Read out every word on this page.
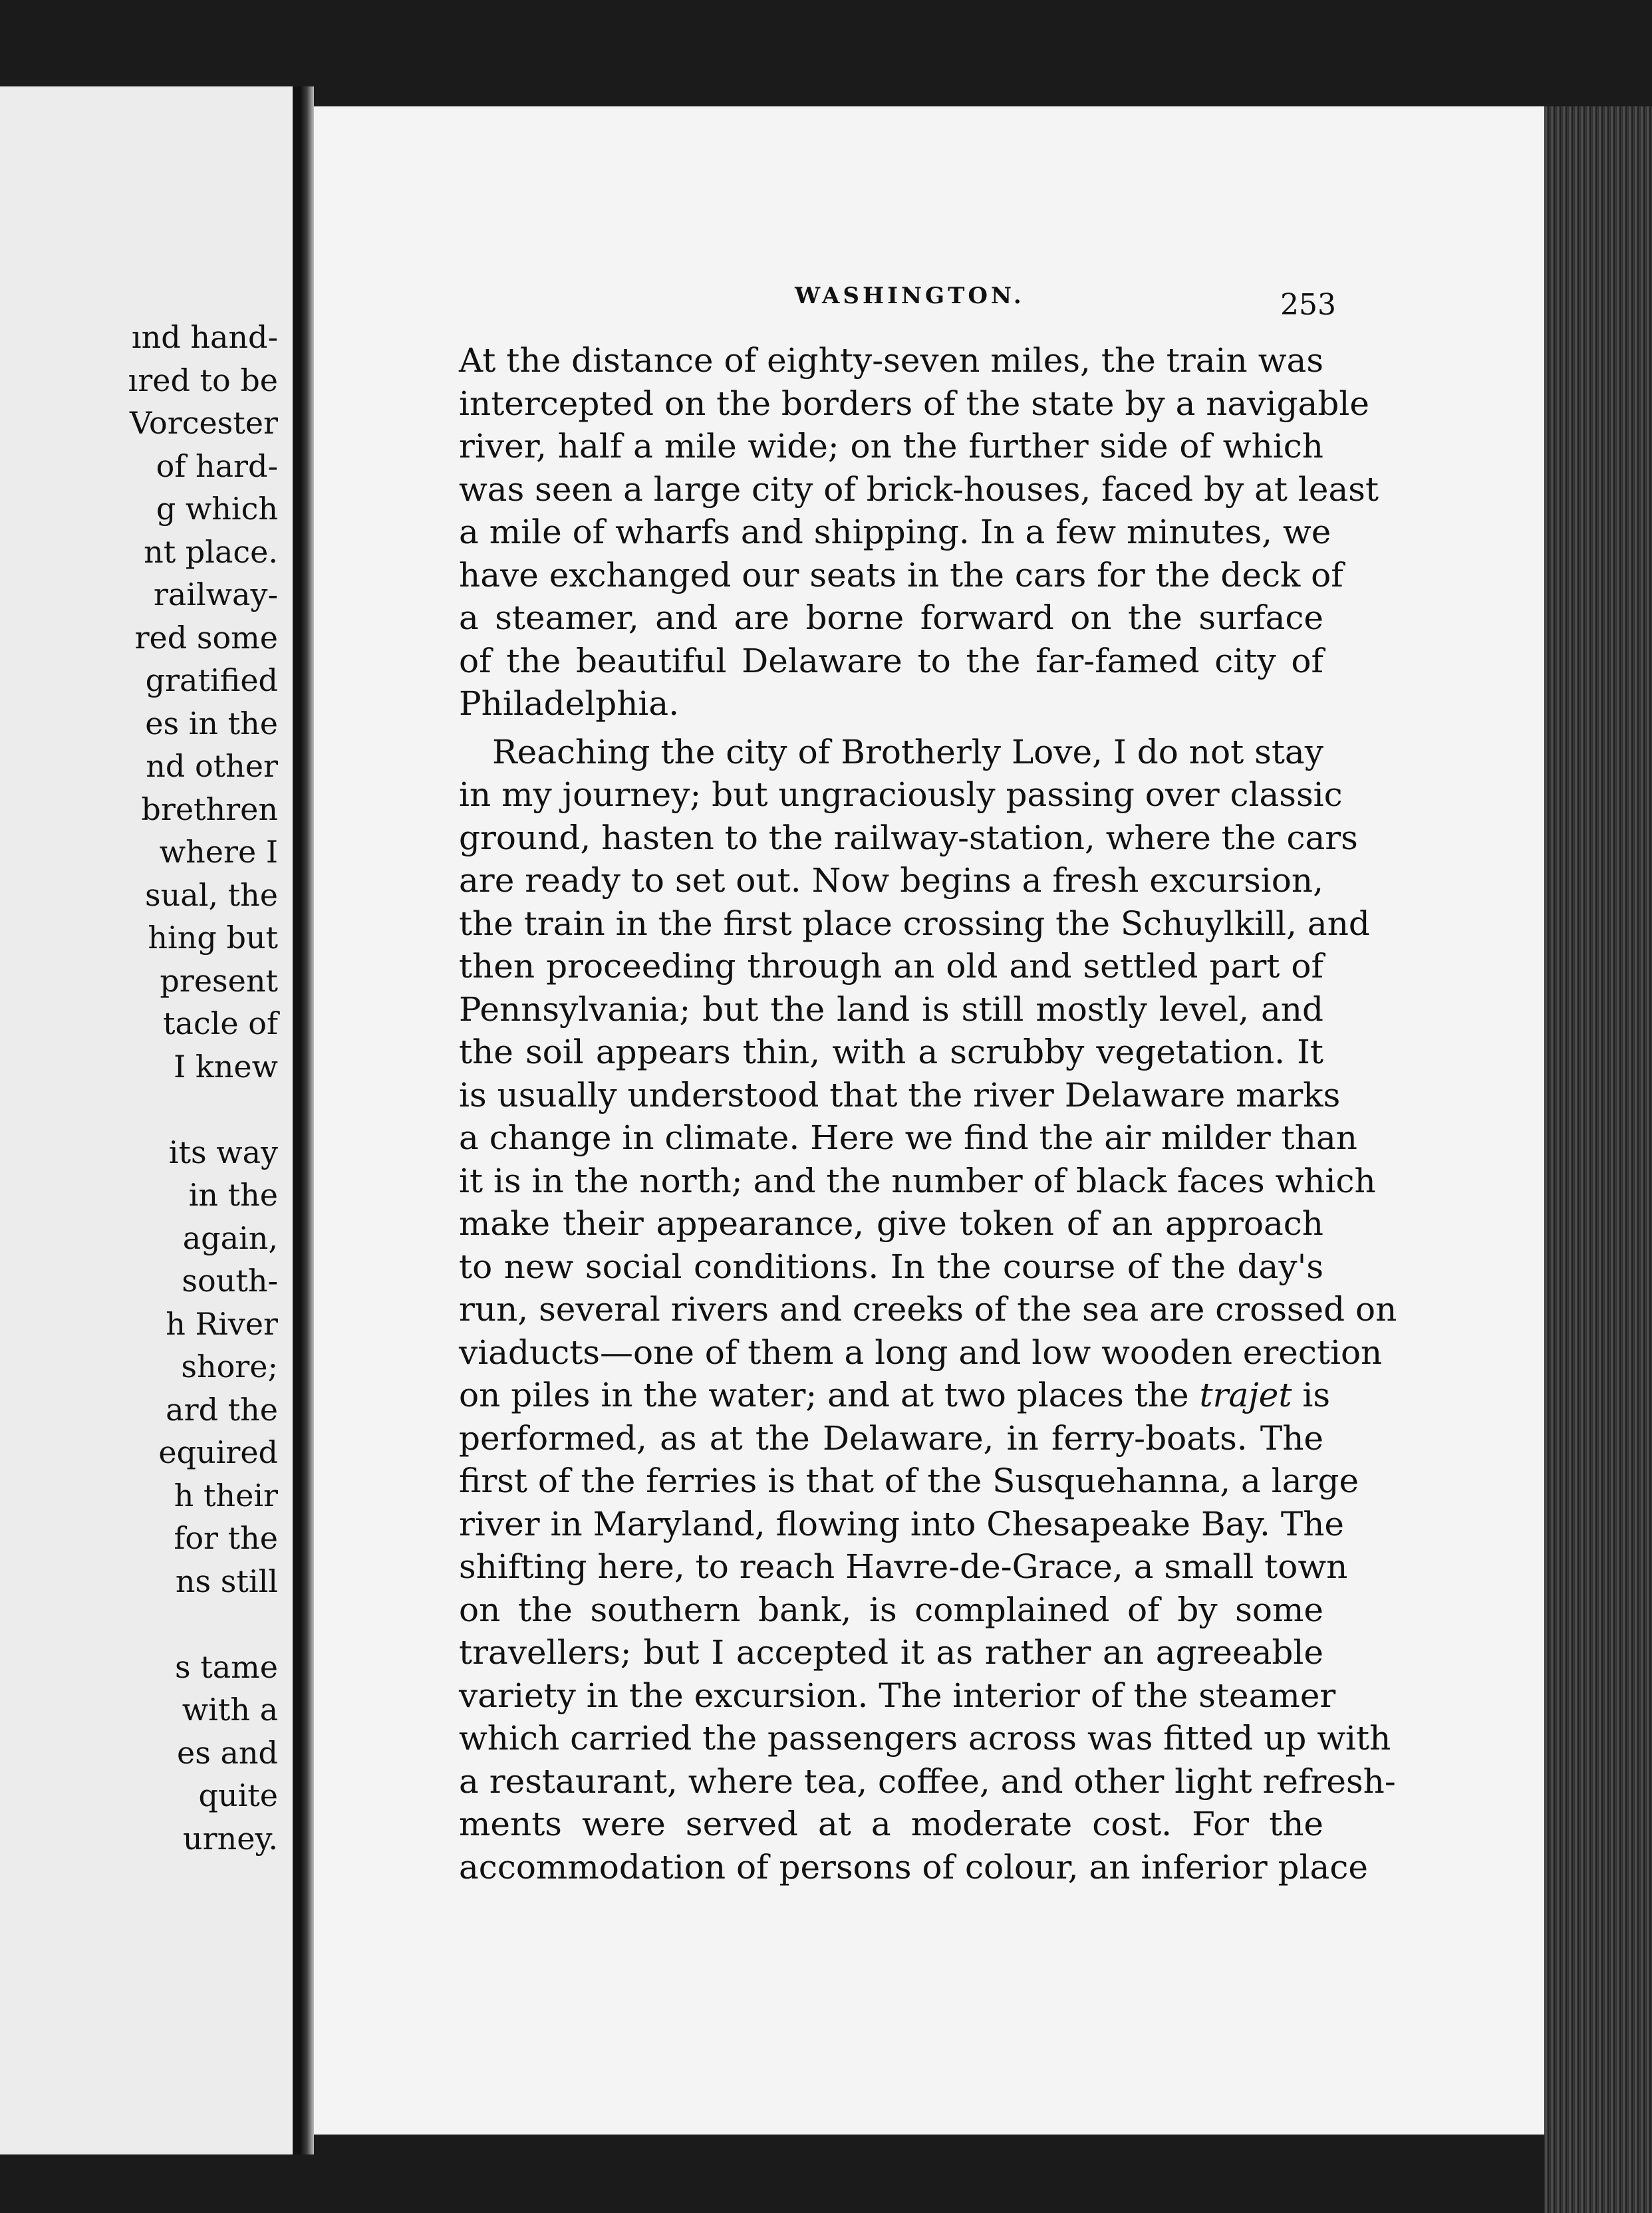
ınd hand-
ıred to be
Vorcester
of hard-
g which
nt place.
railway-
red some
gratified
es in the
nd other
brethren
where I
sual, the
hing but
present
tacle of
I knew
its way
in the
again,
south-
h River
shore;
ard the
equired
h their
for the
ns still
s tame
with a
es and
quite
urney.
WASHINGTON.	253
At the distance of eighty-seven miles, the train was
intercepted on the borders of the state by a navigable
river, half a mile wide; on the further side of which
was seen a large city of brick-houses, faced by at least
a mile of wharfs and shipping. In a few minutes, we
have exchanged our seats in the cars for the deck of
a steamer, and are borne forward on the surface
of the beautiful Delaware to the far-famed city of
Philadelphia.
Reaching the city of Brotherly Love, I do not stay
in my journey; but ungraciously passing over classic
ground, hasten to the railway-station, where the cars
are ready to set out. Now begins a fresh excursion,
the train in the first place crossing the Schuylkill, and
then proceeding through an old and settled part of
Pennsylvania; but the land is still mostly level, and
the soil appears thin, with a scrubby vegetation. It
is usually understood that the river Delaware marks
a change in climate. Here we find the air milder than
it is in the north; and the number of black faces which
make their appearance, give token of an approach
to new social conditions. In the course of the day's
run, several rivers and creeks of the sea are crossed on
viaducts—one of them a long and low wooden erection
on piles in the water; and at two places the trajet is
performed, as at the Delaware, in ferry-boats. The
first of the ferries is that of the Susquehanna, a large
river in Maryland, flowing into Chesapeake Bay. The
shifting here, to reach Havre-de-Grace, a small town
on the southern bank, is complained of by some
travellers; but I accepted it as rather an agreeable
variety in the excursion. The interior of the steamer
which carried the passengers across was fitted up with
a restaurant, where tea, coffee, and other light refresh-
ments were served at a moderate cost. For the
accommodation of persons of colour, an inferior place
